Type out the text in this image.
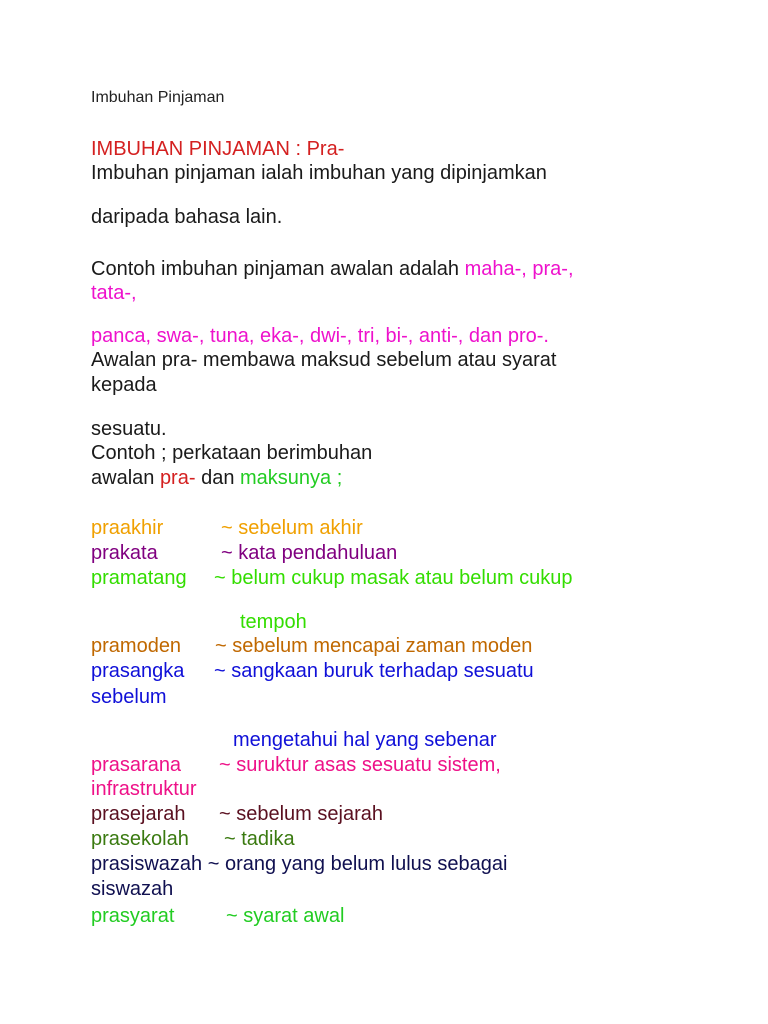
Imbuhan Pinjaman

IMBUHAN PINJAMAN : Pra-

Imbuhan pinjaman ialah imbuhan yang dipinjamkan

daripada bahasa lain.

Contoh imbuhan pinjaman awalan adalah maha-, pra-,

tata-,

panca, swa-, tuna, eka-, dwi-, tri, bi-, anti-, dan pro-.

Awalan pra- membawa maksud sebelum atau syarat

kepada

sesuatu.

Contoh ; perkataan berimbuhan

awalan pra- dan maksunya ;

praakhir	~ sebelum akhir

prakata	~ kata pendahuluan

pramatang ~ belum cukup masak atau belum cukup

tempoh

pramoden ~ sebelum mencapai zaman moden

prasangka ~ sangkaan buruk terhadap sesuatu

sebelum

mengetahui hal yang sebenar

prasarana ~ suruktur asas sesuatu sistem,

infrastruktur

prasejarah ~ sebelum sejarah

prasekolah ~ tadika

prasiswazah ~ orang yang belum lulus sebagai

siswazah

prasyarat	~ syarat awal
